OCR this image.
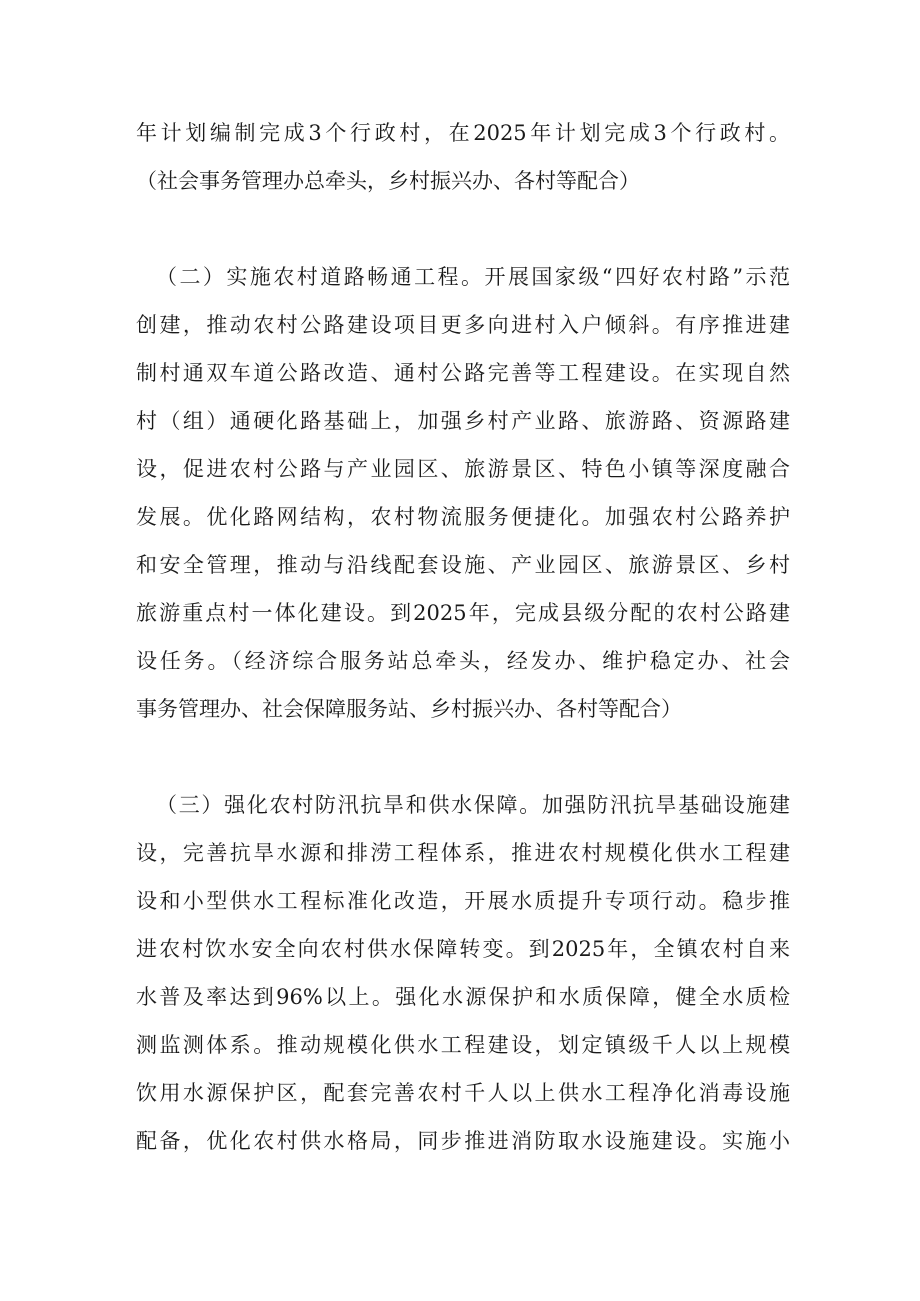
年计划编制完成3个行政村，在2025年计划完成3个行政村。
（社会事务管理办总牵头，乡村振兴办、各村等配合）
（二）实施农村道路畅通工程。开展国家级“四好农村路”示范
创建，推动农村公路建设项目更多向进村入户倾斜。有序推进建
制村通双车道公路改造、通村公路完善等工程建设。在实现自然
村（组）通硬化路基础上，加强乡村产业路、旅游路、资源路建
设，促进农村公路与产业园区、旅游景区、特色小镇等深度融合
发展。优化路网结构，农村物流服务便捷化。加强农村公路养护
和安全管理，推动与沿线配套设施、产业园区、旅游景区、乡村
旅游重点村一体化建设。到2025年，完成县级分配的农村公路建
设任务。（经济综合服务站总牵头，经发办、维护稳定办、社会
事务管理办、社会保障服务站、乡村振兴办、各村等配合）
（三）强化农村防汛抗旱和供水保障。加强防汛抗旱基础设施建
设，完善抗旱水源和排涝工程体系，推进农村规模化供水工程建
设和小型供水工程标准化改造，开展水质提升专项行动。稳步推
进农村饮水安全向农村供水保障转变。到2025年，全镇农村自来
水普及率达到96%以上。强化水源保护和水质保障，健全水质检
测监测体系。推动规模化供水工程建设，划定镇级千人以上规模
饮用水源保护区，配套完善农村千人以上供水工程净化消毒设施
配备，优化农村供水格局，同步推进消防取水设施建设。实施小
